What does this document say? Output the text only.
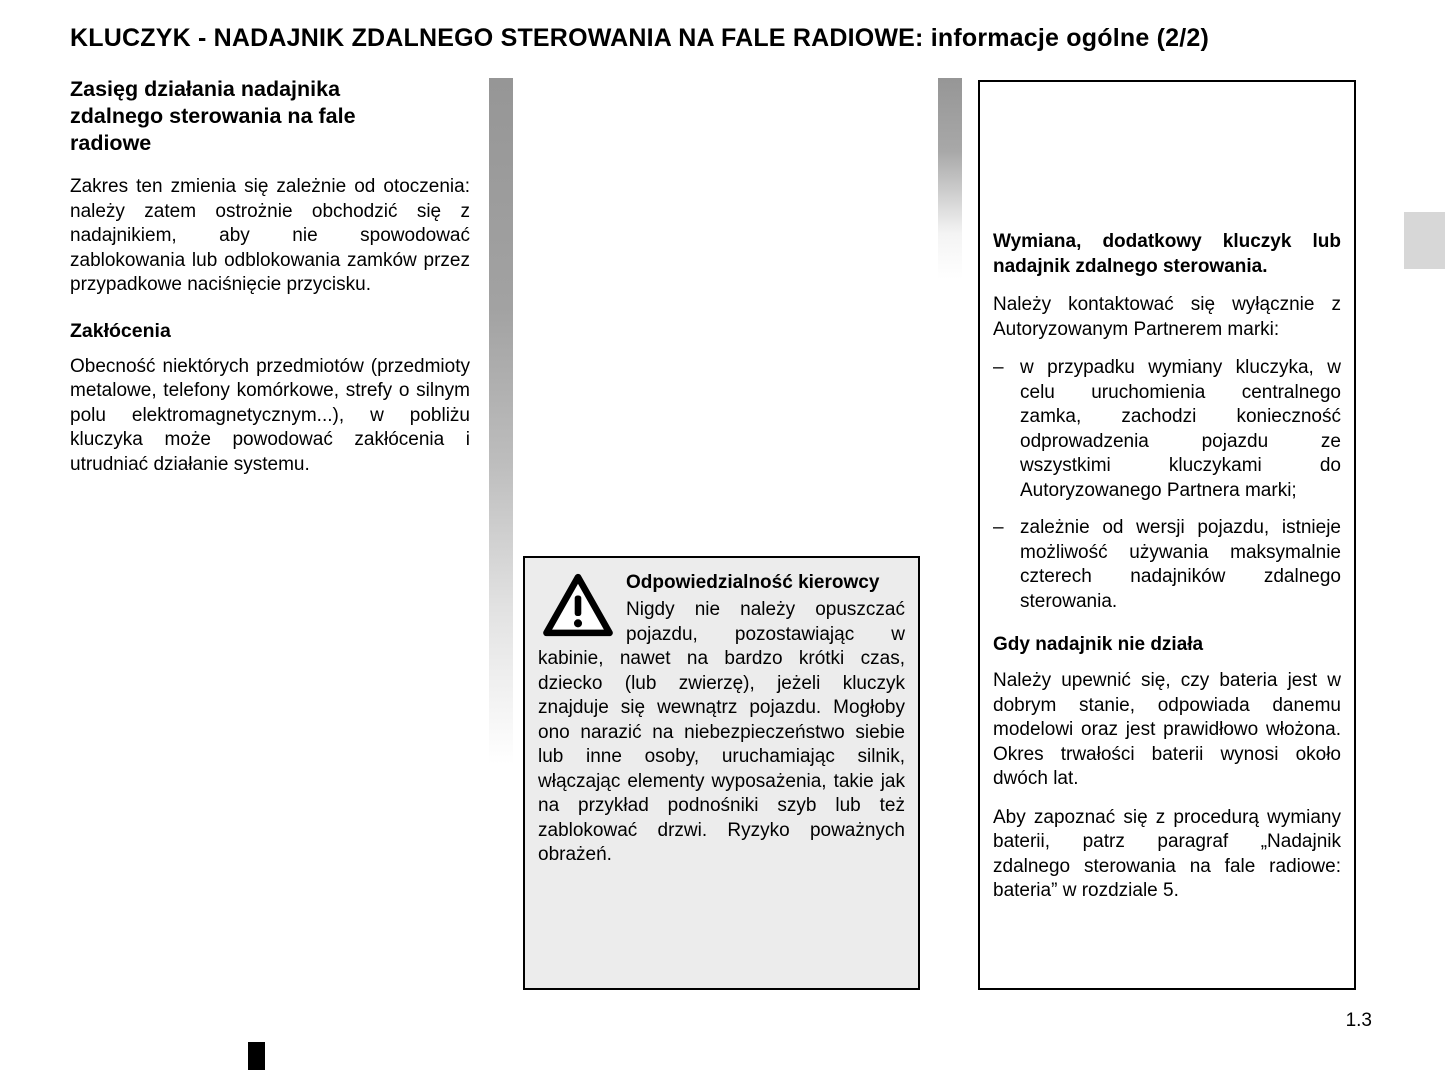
KLUCZYK - NADAJNIK ZDALNEGO STEROWANIA NA FALE RADIOWE: informacje ogólne (2/2)
Zasięg działania nadajnika zdalnego sterowania na fale radiowe
Zakres ten zmienia się zależnie od otoczenia: należy zatem ostrożnie obchodzić się z nadajnikiem, aby nie spowodować zablokowania lub odblokowania zamków przez przypadkowe naciśnięcie przycisku.
Zakłócenia
Obecność niektórych przedmiotów (przedmioty metalowe, telefony komórkowe, strefy o silnym polu elektromagnetycznym...), w pobliżu kluczyka może powodować zakłócenia i utrudniać działanie systemu.
Odpowiedzialność kierowcy
Nigdy nie należy opuszczać pojazdu, pozostawiając w kabinie, nawet na bardzo krótki czas, dziecko (lub zwierzę), jeżeli kluczyk znajduje się wewnątrz pojazdu. Mogłoby ono narazić na niebezpieczeństwo siebie lub inne osoby, uruchamiając silnik, włączając elementy wyposażenia, takie jak na przykład podnośniki szyb lub też zablokować drzwi. Ryzyko poważnych obrażeń.
Wymiana, dodatkowy kluczyk lub nadajnik zdalnego sterowania.
Należy kontaktować się wyłącznie z Autoryzowanym Partnerem marki:
– w przypadku wymiany kluczyka, w celu uruchomienia centralnego zamka, zachodzi konieczność odprowadzenia pojazdu ze wszystkimi kluczykami do Autoryzowanego Partnera marki;
– zależnie od wersji pojazdu, istnieje możliwość używania maksymalnie czterech nadajników zdalnego sterowania.
Gdy nadajnik nie działa
Należy upewnić się, czy bateria jest w dobrym stanie, odpowiada danemu modelowi oraz jest prawidłowo włożona. Okres trwałości baterii wynosi około dwóch lat.
Aby zapoznać się z procedurą wymiany baterii, patrz paragraf „Nadajnik zdalnego sterowania na fale radiowe: bateria” w rozdziale 5.
1.3
